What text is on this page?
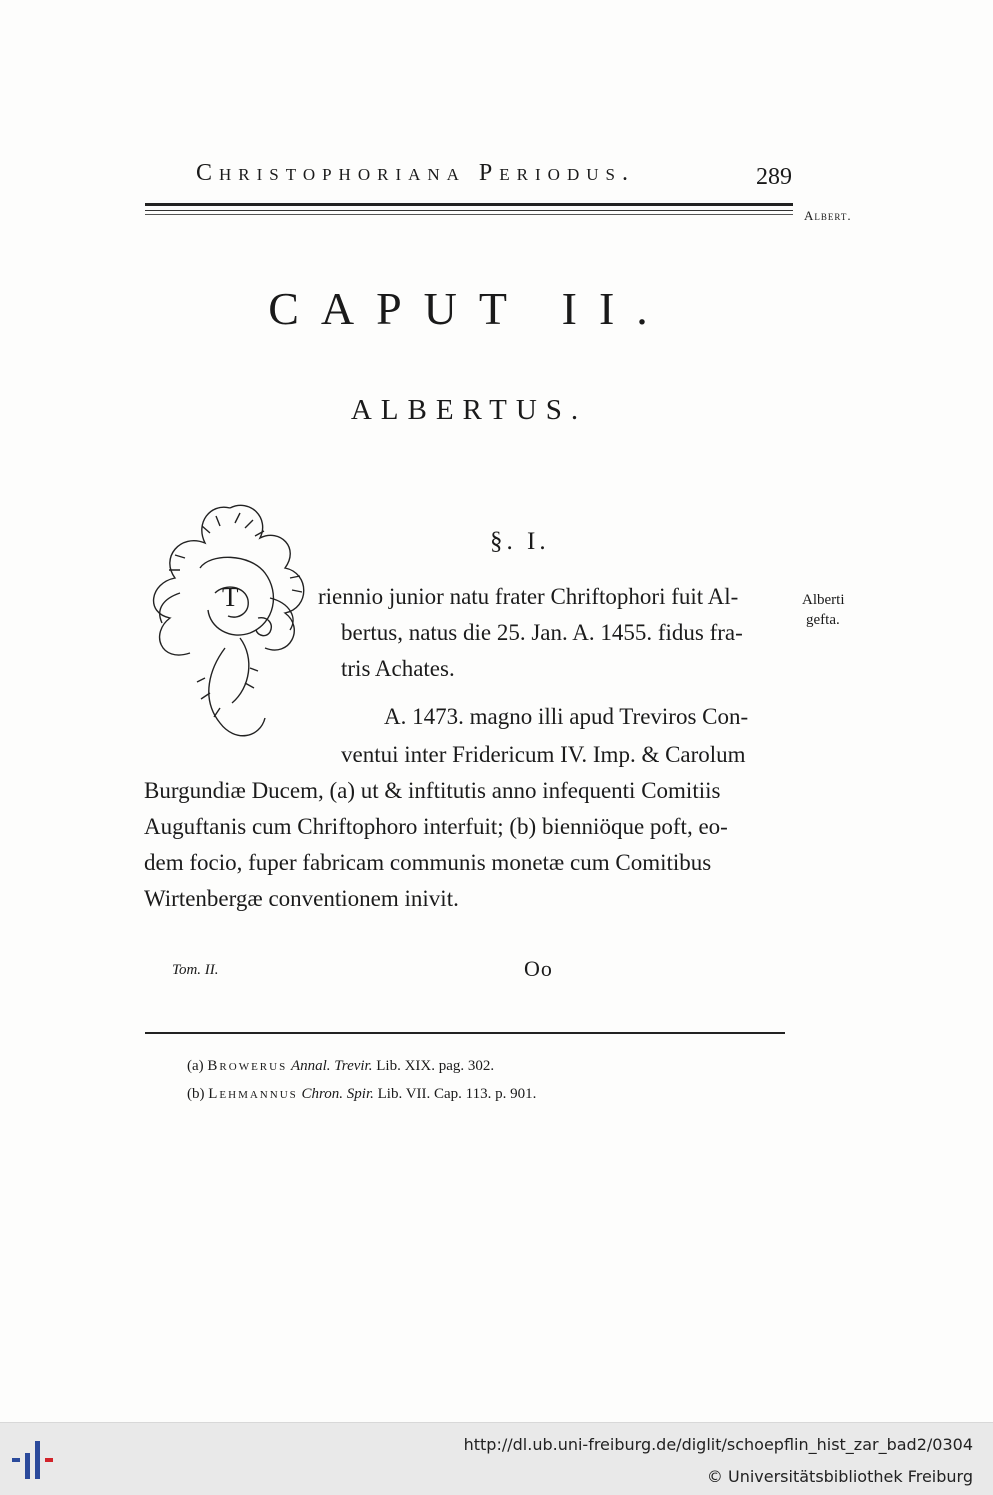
Christophoriana Periodus.	289
Albert.
CAPUT II.
ALBERTUS.
§. I.
T	riennio junior natu frater Chriftophori fuit Al-
bertus, natus die 25. Jan. A. 1455. fidus fra-
tris Achates.
A. 1473. magno illi apud Treviros Con-
ventui inter Fridericum IV. Imp. & Carolum
Burgundiæ Ducem, (a) ut & inftitutis anno infequenti Comitiis
Auguftanis cum Chriftophoro interfuit; (b) bienniöque poft, eo-
dem focio, fuper fabricam communis monetæ cum Comitibus
Wirtenbergæ conventionem inivit.
Alberti
gefta.
Tom. II.	Oo
(a) Browerus Annal. Trevir. Lib. XIX. pag. 302.
(b) Lehmannus Chron. Spir. Lib. VII. Cap. 113. p. 901.
http://dl.ub.uni-freiburg.de/diglit/schoepflin_hist_zar_bad2/0304
© Universitätsbibliothek Freiburg
